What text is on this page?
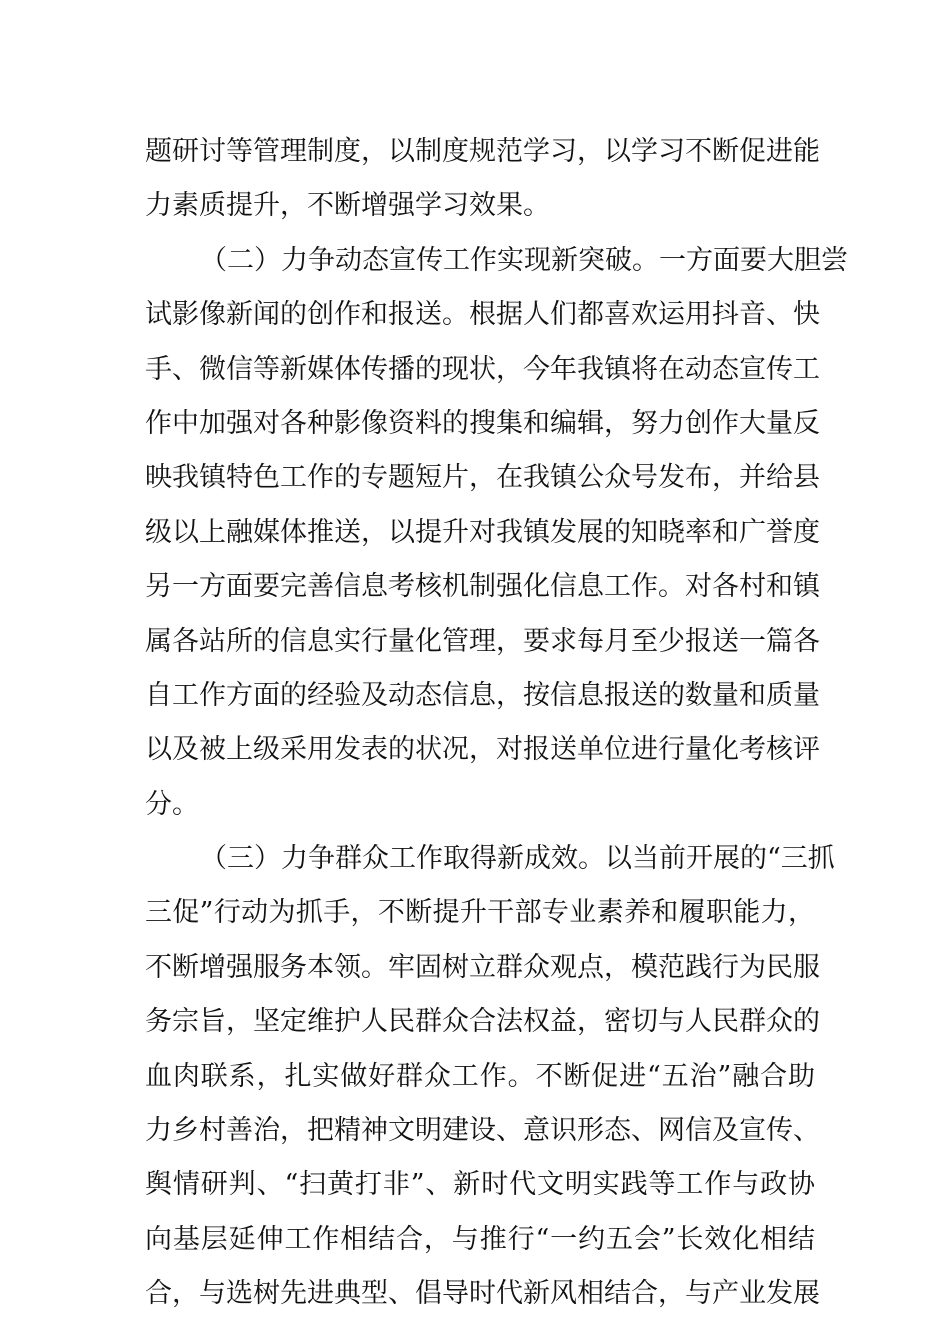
题研讨等管理制度，以制度规范学习，以学习不断促进能
力素质提升，不断增强学习效果。
（二）力争动态宣传工作实现新突破。一方面要大胆尝
试影像新闻的创作和报送。根据人们都喜欢运用抖音、快
手、微信等新媒体传播的现状，今年我镇将在动态宣传工
作中加强对各种影像资料的搜集和编辑，努力创作大量反
映我镇特色工作的专题短片，在我镇公众号发布，并给县
级以上融媒体推送，以提升对我镇发展的知晓率和广誉度
另一方面要完善信息考核机制强化信息工作。对各村和镇
属各站所的信息实行量化管理，要求每月至少报送一篇各
自工作方面的经验及动态信息，按信息报送的数量和质量
以及被上级采用发表的状况，对报送单位进行量化考核评
分。
（三）力争群众工作取得新成效。以当前开展的“三抓
三促”行动为抓手，不断提升干部专业素养和履职能力，
不断增强服务本领。牢固树立群众观点，模范践行为民服
务宗旨，坚定维护人民群众合法权益，密切与人民群众的
血肉联系，扎实做好群众工作。不断促进“五治”融合助
力乡村善治，把精神文明建设、意识形态、网信及宣传、
舆情研判、“扫黄打非”、新时代文明实践等工作与政协
向基层延伸工作相结合，与推行“一约五会”长效化相结
合，与选树先进典型、倡导时代新风相结合，与产业发展
